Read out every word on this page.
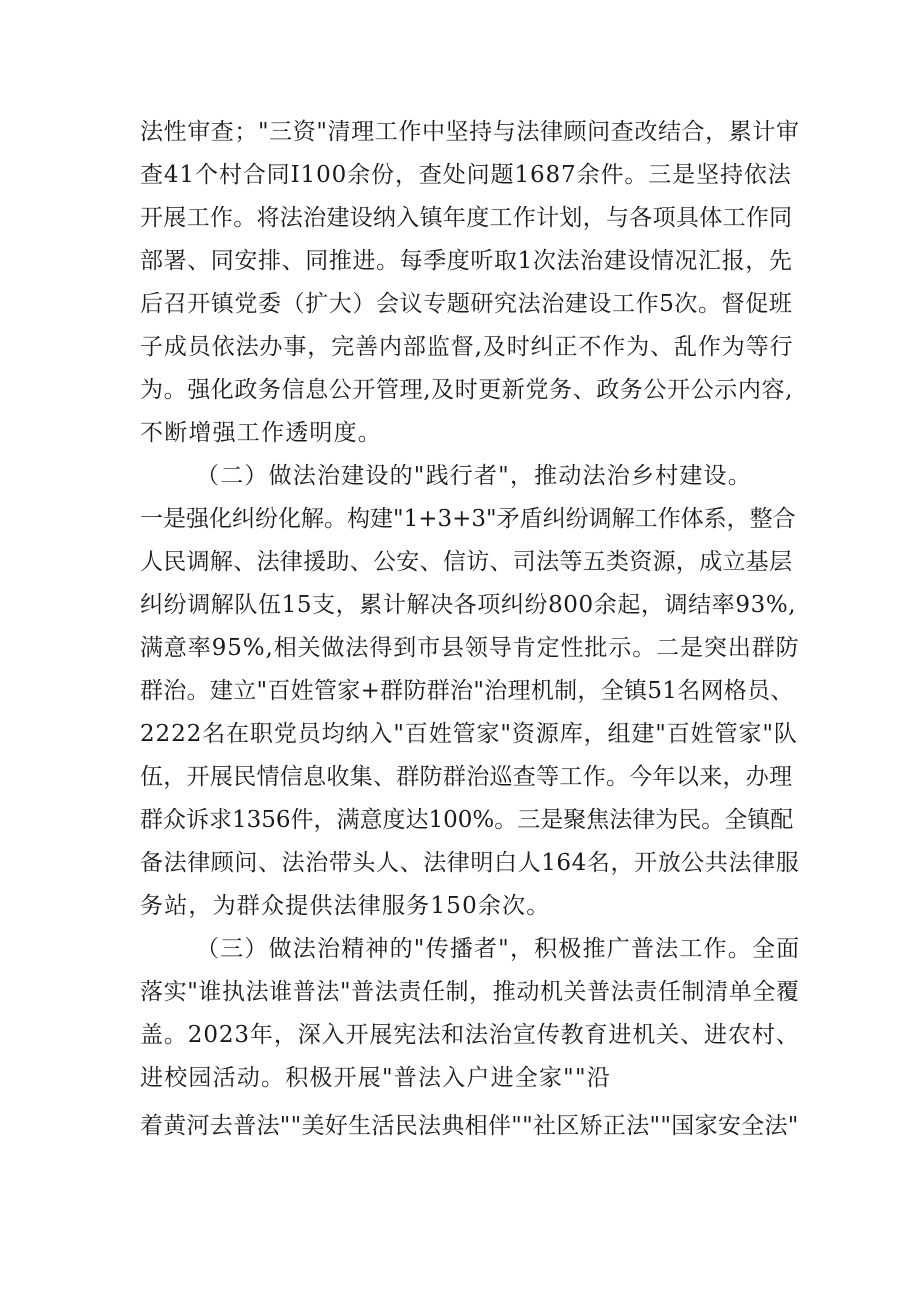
法性审查；"三资"清理工作中坚持与法律顾问查改结合，累计审
查41个村合同I100余份，查处问题1687余件。三是坚持依法
开展工作。将法治建设纳入镇年度工作计划，与各项具体工作同
部署、同安排、同推进。每季度听取1次法治建设情况汇报，先
后召开镇党委（扩大）会议专题研究法治建设工作5次。督促班
子成员依法办事，完善内部监督,及时纠正不作为、乱作为等行
为。强化政务信息公开管理,及时更新党务、政务公开公示内容,
不断增强工作透明度。
（二）做法治建设的"践行者"，推动法治乡村建设。
一是强化纠纷化解。构建"1+3+3"矛盾纠纷调解工作体系，整合
人民调解、法律援助、公安、信访、司法等五类资源，成立基层
纠纷调解队伍15支，累计解决各项纠纷800余起，调结率93%,
满意率95%,相关做法得到市县领导肯定性批示。二是突出群防
群治。建立"百姓管家+群防群治"治理机制，全镇51名网格员、
2222名在职党员均纳入"百姓管家"资源库，组建"百姓管家"队
伍，开展民情信息收集、群防群治巡查等工作。今年以来，办理
群众诉求1356件，满意度达100%。三是聚焦法律为民。全镇配
备法律顾问、法治带头人、法律明白人164名，开放公共法律服
务站，为群众提供法律服务150余次。
（三）做法治精神的"传播者"，积极推广普法工作。全面
落实"谁执法谁普法"普法责任制，推动机关普法责任制清单全覆
盖。2023年，深入开展宪法和法治宣传教育进机关、进农村、
进校园活动。积极开展"普法入户进全家""沿
着黄河去普法""美好生活民法典相伴""社区矫正法""国家安全法"
